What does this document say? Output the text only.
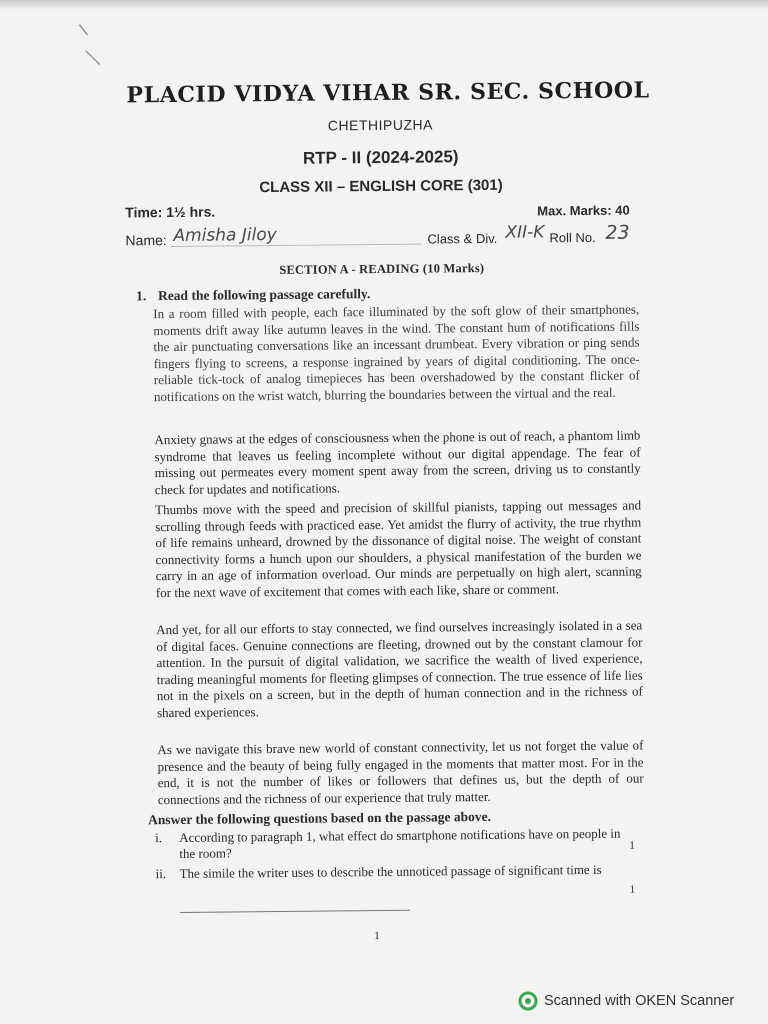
PLACID VIDYA VIHAR SR. SEC. SCHOOL
CHETHIPUZHA
RTP - II (2024-2025)
CLASS XII – ENGLISH CORE (301)
Time: 1½ hrs.	Max. Marks: 40
Name: Amisha Jiloy	Class & Div. XII-K Roll No. 23
SECTION A - READING (10 Marks)
1. Read the following passage carefully.

In a room filled with people, each face illuminated by the soft glow of their smartphones, moments drift away like autumn leaves in the wind. The constant hum of notifications fills the air punctuating conversations like an incessant drumbeat. Every vibration or ping sends fingers flying to screens, a response ingrained by years of digital conditioning. The once-reliable tick-tock of analog timepieces has been overshadowed by the constant flicker of notifications on the wrist watch, blurring the boundaries between the virtual and the real.

Anxiety gnaws at the edges of consciousness when the phone is out of reach, a phantom limb syndrome that leaves us feeling incomplete without our digital appendage. The fear of missing out permeates every moment spent away from the screen, driving us to constantly check for updates and notifications.

Thumbs move with the speed and precision of skillful pianists, tapping out messages and scrolling through feeds with practiced ease. Yet amidst the flurry of activity, the true rhythm of life remains unheard, drowned by the dissonance of digital noise. The weight of constant connectivity forms a hunch upon our shoulders, a physical manifestation of the burden we carry in an age of information overload. Our minds are perpetually on high alert, scanning for the next wave of excitement that comes with each like, share or comment.

And yet, for all our efforts to stay connected, we find ourselves increasingly isolated in a sea of digital faces. Genuine connections are fleeting, drowned out by the constant clamour for attention. In the pursuit of digital validation, we sacrifice the wealth of lived experience, trading meaningful moments for fleeting glimpses of connection. The true essence of life lies not in the pixels on a screen, but in the depth of human connection and in the richness of shared experiences.

As we navigate this brave new world of constant connectivity, let us not forget the value of presence and the beauty of being fully engaged in the moments that matter most. For in the end, it is not the number of likes or followers that defines us, but the depth of our connections and the richness of our experience that truly matter.

Answer the following questions based on the passage above.
i. According to paragraph 1, what effect do smartphone notifications have on people in the room?	1
ii. The simile the writer uses to describe the unnoticed passage of significant time is
1
1
Scanned with OKEN Scanner
